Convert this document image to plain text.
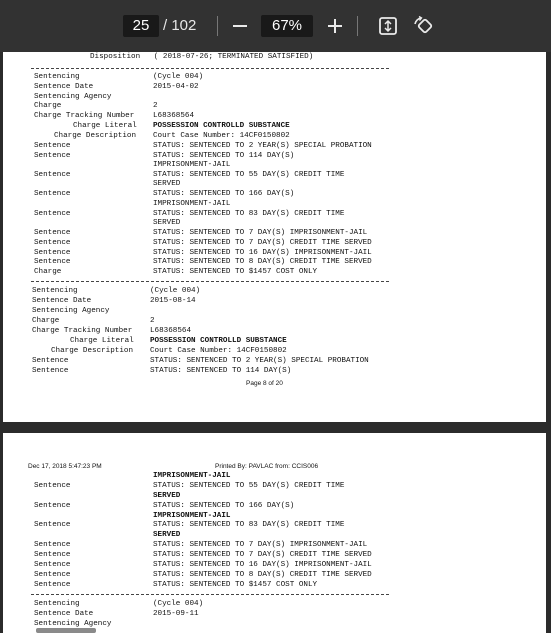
25 / 102	67%
Disposition   ( 2018-07-26; TERMINATED SATISFIED)
Sentencing	(Cycle 004)
Sentence Date	2015-04-02
Sentencing Agency
Charge	2
Charge Tracking Number L68368564
Charge Literal POSSESSION CONTROLLD SUBSTANCE
Charge Description Court Case Number: 14CF0150802
Sentence	STATUS: SENTENCED TO 2 YEAR(S) SPECIAL PROBATION
Sentence	STATUS: SENTENCED TO 114 DAY(S)
IMPRISONMENT-JAIL
Sentence	STATUS: SENTENCED TO 55 DAY(S) CREDIT TIME
SERVED
Sentence	STATUS: SENTENCED TO 166 DAY(S)
IMPRISONMENT-JAIL
Sentence	STATUS: SENTENCED TO 83 DAY(S) CREDIT TIME
SERVED
Sentence	STATUS: SENTENCED TO 7 DAY(S) IMPRISONMENT-JAIL
Sentence	STATUS: SENTENCED TO 7 DAY(S) CREDIT TIME SERVED
Sentence	STATUS: SENTENCED TO 16 DAY(S) IMPRISONMENT-JAIL
Sentence	STATUS: SENTENCED TO 8 DAY(S) CREDIT TIME SERVED
Charge	STATUS: SENTENCED TO $1457 COST ONLY
Sentencing	(Cycle 004)
Sentence Date	2015-08-14
Sentencing Agency
Charge	2
Charge Tracking Number L68368564
Charge Literal POSSESSION CONTROLLD SUBSTANCE
Charge Description Court Case Number: 14CF0150802
Sentence	STATUS: SENTENCED TO 2 YEAR(S) SPECIAL PROBATION
Sentence	STATUS: SENTENCED TO 114 DAY(S)
Page 8 of 20
Dec 17, 2018 5:47:23 PM	Printed By: PAVLAC from: CCIS006
IMPRISONMENT-JAIL
Sentence	STATUS: SENTENCED TO 55 DAY(S) CREDIT TIME
SERVED
Sentence	STATUS: SENTENCED TO 166 DAY(S)
IMPRISONMENT-JAIL
Sentence	STATUS: SENTENCED TO 83 DAY(S) CREDIT TIME
SERVED
Sentence	STATUS: SENTENCED TO 7 DAY(S) IMPRISONMENT-JAIL
Sentence	STATUS: SENTENCED TO 7 DAY(S) CREDIT TIME SERVED
Sentence	STATUS: SENTENCED TO 16 DAY(S) IMPRISONMENT-JAIL
Sentence	STATUS: SENTENCED TO 8 DAY(S) CREDIT TIME SERVED
Sentence	STATUS: SENTENCED TO $1457 COST ONLY
Sentencing	(Cycle 004)
Sentence Date	2015-09-11
Sentencing Agency
